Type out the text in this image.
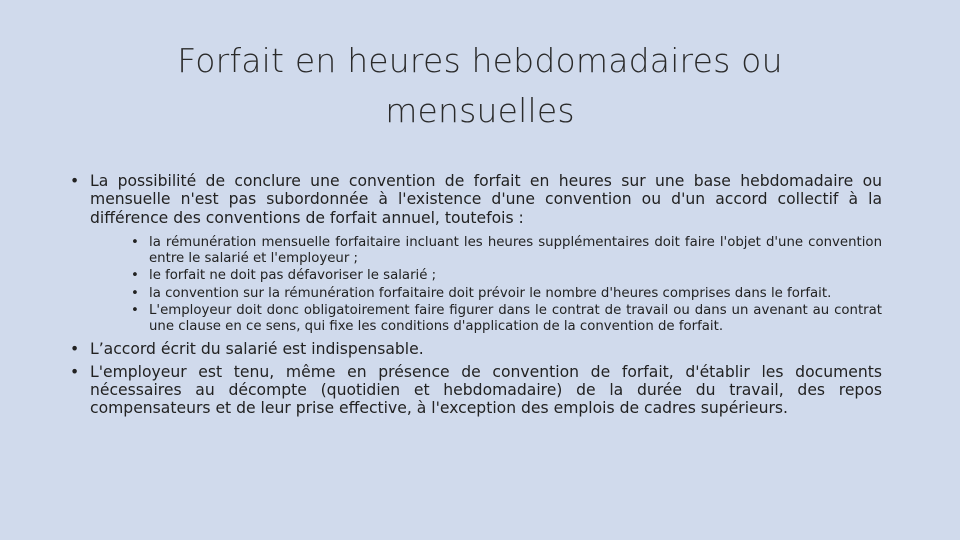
Forfait en heures hebdomadaires ou mensuelles
• La possibilité de conclure une convention de forfait en heures sur une base hebdomadaire ou mensuelle n'est pas subordonnée à l'existence d'une convention ou d'un accord collectif à la différence des conventions de forfait annuel, toutefois :
• la rémunération mensuelle forfaitaire incluant les heures supplémentaires doit faire l'objet d'une convention entre le salarié et l'employeur ;
• le forfait ne doit pas défavoriser le salarié ;
• la convention sur la rémunération forfaitaire doit prévoir le nombre d'heures comprises dans le forfait.
• L'employeur doit donc obligatoirement faire figurer dans le contrat de travail ou dans un avenant au contrat une clause en ce sens, qui fixe les conditions d'application de la convention de forfait.
• L’accord écrit du salarié est indispensable.
• L'employeur est tenu, même en présence de convention de forfait, d'établir les documents nécessaires au décompte (quotidien et hebdomadaire) de la durée du travail, des repos compensateurs et de leur prise effective, à l'exception des emplois de cadres supérieurs.
